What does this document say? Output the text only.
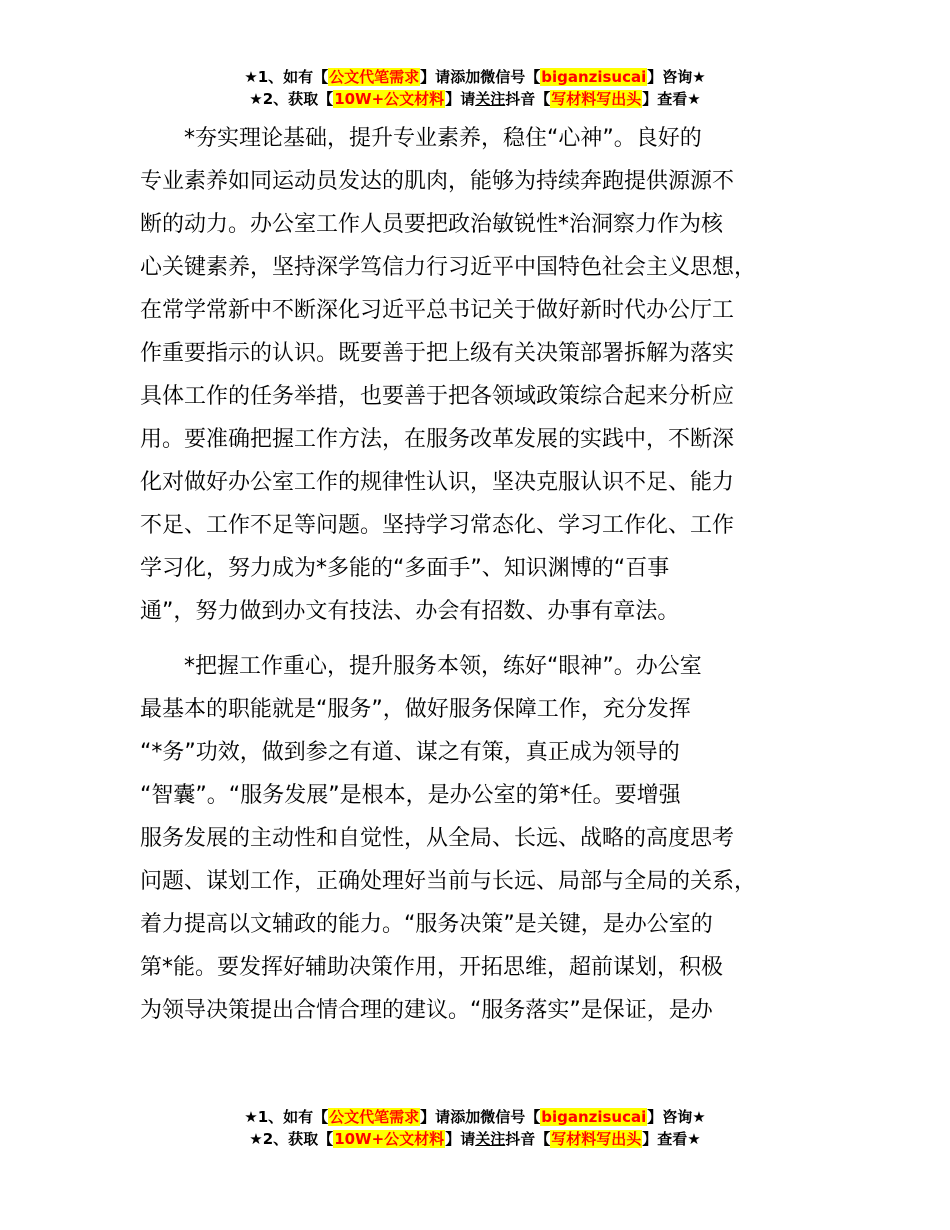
★1、如有【公文代笔需求】请添加微信号【biganzisucai】咨询★
★2、获取【10W+公文材料】请关注抖音【写材料写出头】查看★
*夯实理论基础，提升专业素养，稳住“心神”。良好的
专业素养如同运动员发达的肌肉，能够为持续奔跑提供源源不
断的动力。办公室工作人员要把政治敏锐性*治洞察力作为核
心关键素养，坚持深学笃信力行习近平中国特色社会主义思想，
在常学常新中不断深化习近平总书记关于做好新时代办公厅工
作重要指示的认识。既要善于把上级有关决策部署拆解为落实
具体工作的任务举措，也要善于把各领域政策综合起来分析应
用。要准确把握工作方法，在服务改革发展的实践中，不断深
化对做好办公室工作的规律性认识，坚决克服认识不足、能力
不足、工作不足等问题。坚持学习常态化、学习工作化、工作
学习化，努力成为*多能的“多面手”、知识渊博的“百事
通”，努力做到办文有技法、办会有招数、办事有章法。
*把握工作重心，提升服务本领，练好“眼神”。办公室
最基本的职能就是“服务”，做好服务保障工作，充分发挥
“*务”功效，做到参之有道、谋之有策，真正成为领导的
“智囊”。“服务发展”是根本，是办公室的第*任。要增强
服务发展的主动性和自觉性，从全局、长远、战略的高度思考
问题、谋划工作，正确处理好当前与长远、局部与全局的关系，
着力提高以文辅政的能力。“服务决策”是关键，是办公室的
第*能。要发挥好辅助决策作用，开拓思维，超前谋划，积极
为领导决策提出合情合理的建议。“服务落实”是保证，是办
★1、如有【公文代笔需求】请添加微信号【biganzisucai】咨询★
★2、获取【10W+公文材料】请关注抖音【写材料写出头】查看★
